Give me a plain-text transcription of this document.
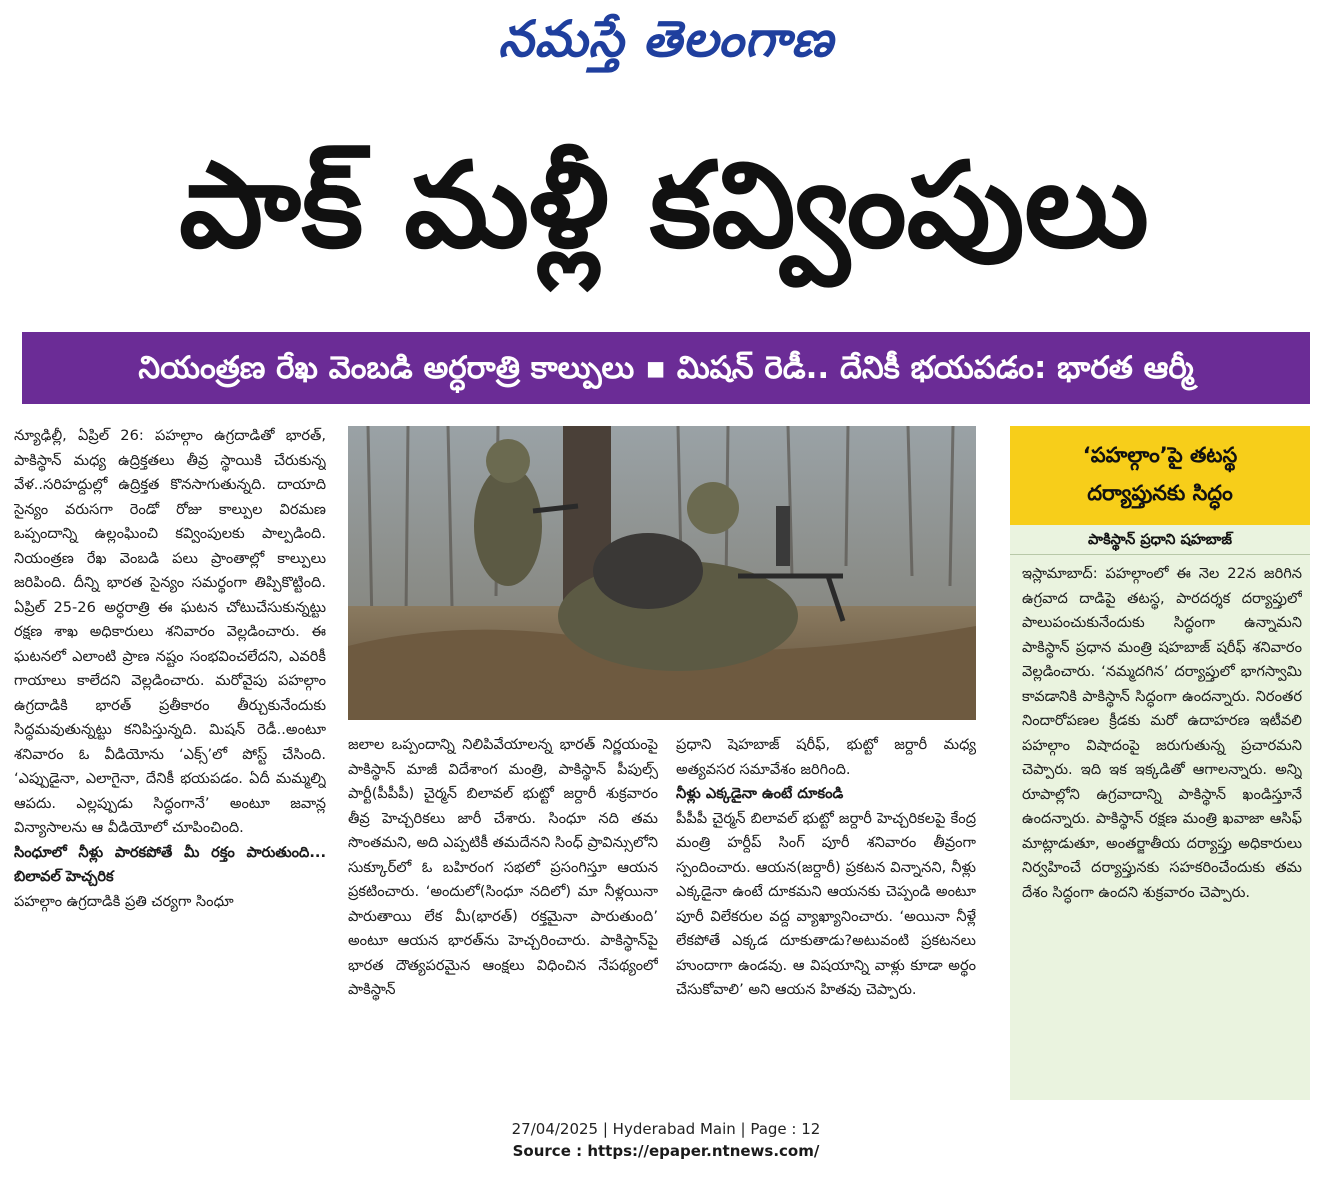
నమస్తే తెలంగాణ
పాక్ మళ్లీ కవ్వింపులు
నియంత్రణ రేఖ వెంబడి అర్ధరాత్రి కాల్పులు ▪ మిషన్ రెడీ.. దేనికీ భయపడం: భారత ఆర్మీ

న్యూఢిల్లీ, ఏప్రిల్ 26: పహల్గాం ఉగ్రదాడితో భారత్, పాకిస్థాన్ మధ్య ఉద్రిక్తతలు తీవ్ర స్థాయికి చేరుకున్న వేళ..సరిహద్దుల్లో ఉద్రిక్తత కొనసాగుతున్నది. దాయాది సైన్యం వరుసగా రెండో రోజు కాల్పుల విరమణ ఒప్పందాన్ని ఉల్లంఘించి కవ్వింపులకు పాల్పడింది. నియంత్రణ రేఖ వెంబడి పలు ప్రాంతాల్లో కాల్పులు జరిపింది. దీన్ని భారత సైన్యం సమర్థంగా తిప్పికొట్టింది. ఏప్రిల్ 25-26 అర్ధరాత్రి ఈ ఘటన చోటుచేసుకున్నట్టు రక్షణ శాఖ అధికారులు శనివారం వెల్లడించారు. ఈ ఘటనలో ఎలాంటి ప్రాణ నష్టం సంభవించలేదని, ఎవరికీ గాయాలు కాలేదని వెల్లడించారు. మరోవైపు పహల్గాం ఉగ్రదాడికి భారత్ ప్రతీకారం తీర్చుకునేందుకు సిద్ధమవుతున్నట్టు కనిపిస్తున్నది. మిషన్ రెడీ..అంటూ శనివారం ఓ వీడియోను ‘ఎక్స్’లో పోస్ట్ చేసింది. ‘ఎప్పుడైనా, ఎలాగైనా, దేనికీ భయపడం. ఏదీ మమ్మల్ని ఆపదు. ఎల్లప్పుడు సిద్ధంగానే’ అంటూ జవాన్ల విన్యాసాలను ఆ వీడియోలో చూపించింది.

సింధూలో నీళ్లు పారకపోతే మీ రక్తం పారుతుంది... బిలావల్ హెచ్చరిక

పహల్గాం ఉగ్రదాడికి ప్రతి చర్యగా సింధూ

జలాల ఒప్పందాన్ని నిలిపివేయాలన్న భారత్ నిర్ణయంపై పాకిస్థాన్ మాజీ విదేశాంగ మంత్రి, పాకిస్థాన్ పీపుల్స్ పార్టీ(పీపీపీ) చైర్మన్ బిలావల్ భుట్టో జర్దారీ శుక్రవారం తీవ్ర హెచ్చరికలు జారీ చేశారు. సింధూ నది తమ సొంతమని, అది ఎప్పటికీ తమదేనని సింధ్ ప్రావిన్సులోని సుక్కూర్‌లో ఓ బహిరంగ సభలో ప్రసంగిస్తూ ఆయన ప్రకటించారు. ‘అందులో(సింధూ నదిలో) మా నీళ్లయినా పారుతాయి లేక మీ(భారత్) రక్తమైనా పారుతుంది’ అంటూ ఆయన భారత్‌ను హెచ్చరించారు. పాకిస్థాన్‌పై భారత దౌత్యపరమైన ఆంక్షలు విధించిన నేపథ్యంలో పాకిస్థాన్

ప్రధాని షెహబాజ్ షరీఫ్, భుట్టో జర్దారీ మధ్య అత్యవసర సమావేశం జరిగింది.

నీళ్లు ఎక్కడైనా ఉంటే దూకండి

పీపీపీ చైర్మన్ బిలావల్ భుట్టో జర్దారీ హెచ్చరికలపై కేంద్ర మంత్రి హర్దీప్ సింగ్ పూరీ శనివారం తీవ్రంగా స్పందించారు. ఆయన(జర్దారీ) ప్రకటన విన్నానని, నీళ్లు ఎక్కడైనా ఉంటే దూకమని ఆయనకు చెప్పండి అంటూ పూరీ విలేకరుల వద్ద వ్యాఖ్యానించారు. ‘అయినా నీళ్లే లేకపోతే ఎక్కడ దూకుతాడు?అటువంటి ప్రకటనలు హుందాగా ఉండవు. ఆ విషయాన్ని వాళ్లు కూడా అర్థం చేసుకోవాలి’ అని ఆయన హితవు చెప్పారు.

‘పహల్గాం’పై తటస్థ
దర్యాప్తునకు సిద్ధం
పాకిస్థాన్ ప్రధాని షహబాజ్

ఇస్లామాబాద్: పహల్గాంలో ఈ నెల 22న జరిగిన ఉగ్రవాద దాడిపై తటస్థ, పారదర్శక దర్యాప్తులో పాలుపంచుకునేందుకు సిద్ధంగా ఉన్నామని పాకిస్థాన్ ప్రధాన మంత్రి షహబాజ్ షరీఫ్ శనివారం వెల్లడించారు. ‘నమ్మదగిన’ దర్యాప్తులో భాగస్వామి కావడానికి పాకిస్థాన్ సిద్ధంగా ఉందన్నారు. నిరంతర నిందారోపణల క్రీడకు మరో ఉదాహరణ ఇటీవలి పహల్గాం విషాదంపై జరుగుతున్న ప్రచారమని చెప్పారు. ఇది ఇక ఇక్కడితో ఆగాలన్నారు. అన్ని రూపాల్లోని ఉగ్రవాదాన్ని పాకిస్థాన్ ఖండిస్తూనే ఉందన్నారు. పాకిస్థాన్ రక్షణ మంత్రి ఖవాజా ఆసిఫ్ మాట్లాడుతూ, అంతర్జాతీయ దర్యాప్తు అధికారులు నిర్వహించే దర్యాప్తునకు సహకరించేందుకు తమ దేశం సిద్ధంగా ఉందని శుక్రవారం చెప్పారు.

27/04/2025 | Hyderabad Main | Page : 12
Source : https://epaper.ntnews.com/
